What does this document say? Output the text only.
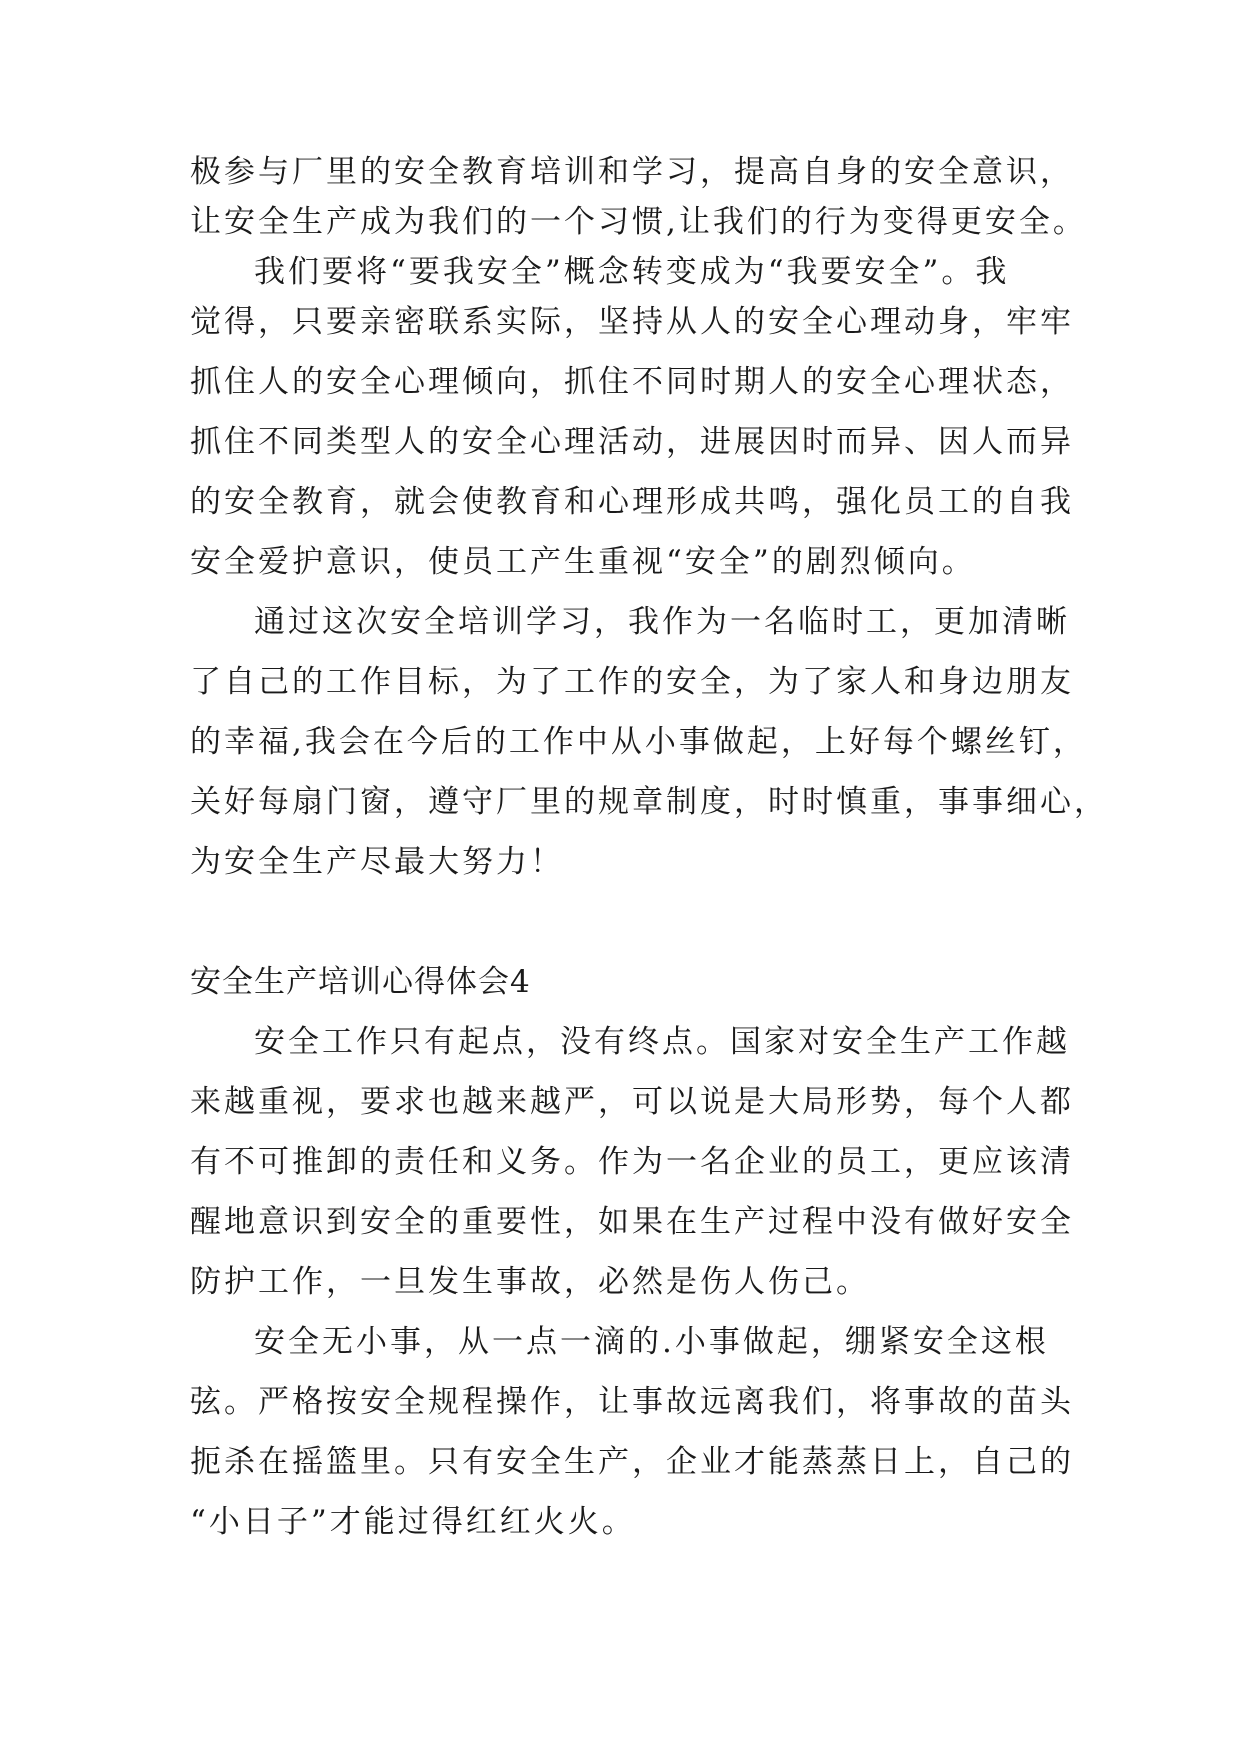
极参与厂里的安全教育培训和学习，提高自身的安全意识，

让安全生产成为我们的一个习惯,让我们的行为变得更安全。

我们要将“要我安全”概念转变成为“我要安全”。我

觉得，只要亲密联系实际，坚持从人的安全心理动身，牢牢

抓住人的安全心理倾向，抓住不同时期人的安全心理状态，

抓住不同类型人的安全心理活动，进展因时而异、因人而异

的安全教育，就会使教育和心理形成共鸣，强化员工的自我

安全爱护意识，使员工产生重视“安全”的剧烈倾向。

通过这次安全培训学习，我作为一名临时工，更加清晰

了自己的工作目标，为了工作的安全，为了家人和身边朋友

的幸福,我会在今后的工作中从小事做起，上好每个螺丝钉，

关好每扇门窗，遵守厂里的规章制度，时时慎重，事事细心，

为安全生产尽最大努力！

安全生产培训心得体会4

安全工作只有起点，没有终点。国家对安全生产工作越

来越重视，要求也越来越严，可以说是大局形势，每个人都

有不可推卸的责任和义务。作为一名企业的员工，更应该清

醒地意识到安全的重要性，如果在生产过程中没有做好安全

防护工作，一旦发生事故，必然是伤人伤己。

安全无小事，从一点一滴的.小事做起，绷紧安全这根

弦。严格按安全规程操作，让事故远离我们，将事故的苗头

扼杀在摇篮里。只有安全生产，企业才能蒸蒸日上，自己的

“小日子”才能过得红红火火。
